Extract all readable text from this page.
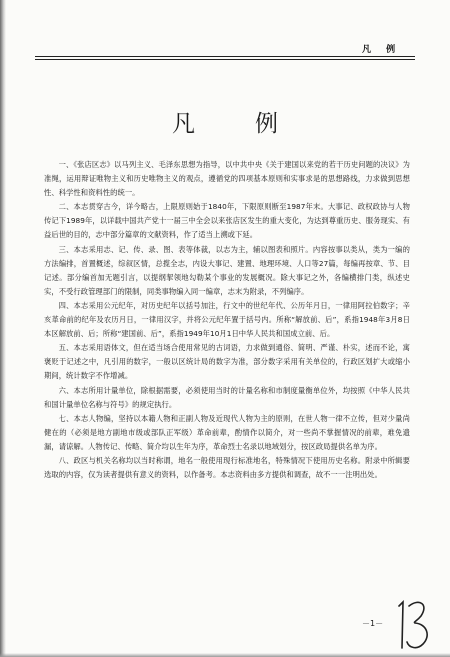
凡 例
凡例

一、《张店区志》以马列主义、毛泽东思想为指导，以中共中央《关于建国以来党的若干历史问题的决议》为准绳，运用辩证唯物主义和历史唯物主义的观点，遵循党的四项基本原则和实事求是的思想路线，力求做到思想性、科学性和资料性的统一。

二、本志贯穿古今，详今略古，上限原则始于1840年，下限原则断至1987年末。大事记、政权政协与人物传记下1989年，以详载中国共产党十一届三中全会以来张店区发生的重大变化，为达到尊重历史、服务现实、有益后世的目的，志中部分篇章的文献资料，作了适当上溯或下延。

三、本志采用志、记、传、录、图、表等体裁，以志为主，辅以图表和照片。内容按事以类从，类为一编的方法编排，首置概述，综叙区情，总揽全志，内设大事记、建置、地理环境、人口等27篇，每编再按章、节、目记述。部分编首加无题引言，以提纲挈领地勾勒某个事业的发展概况。除大事记之外，各编横排门类，纵述史实，不受行政管理部门的限制，同类事物编入同一编章，志末为附录，不列编序。

四、本志采用公元纪年，对历史纪年以括号加注，行文中的世纪年代、公历年月日，一律用阿拉伯数字；辛亥革命前的纪年及农历月日，一律用汉字，并将公元纪年置于括号内。所称“解放前、后”，系指1948年3月8日本区解放前、后；所称“建国前、后”，系指1949年10月1日中华人民共和国成立前、后。

五、本志采用语体文，但在适当场合使用常见的古词语，力求做到通俗、简明、严谨、朴实，述而不论，寓褒贬于记述之中，凡引用的数字，一般以区统计局的数字为准，部分数字采用有关单位的，行政区划扩大或缩小期间，统计数字不作增减。

六、本志所用计量单位，除根据需要，必须使用当时的计量名称和市制度量衡单位外，均按照《中华人民共和国计量单位名称与符号》的规定执行。

七、本志人物编，坚持以本籍人物和正副人物及近现代人物为主的原则，在世人物一律不立传，但对少量尚健在的（必须是地方副地市级或部队正军级）革命前辈，酌情作以简介，对一些尚不掌握情况的前辈，难免遗漏，请谅解。人物传记、传略、简介均以生年为序，革命烈士名录以地域划分，按区政局提供名单为序。

八、政区与机关名称均以当时称谓，地名一般使用现行标准地名，特殊情况下使用历史名称。附录中所辑要选取的内容，仅为读者提供有意义的资料，以作备考。本志资料由多方提供和调查，故不一一注明出处。

－1－
